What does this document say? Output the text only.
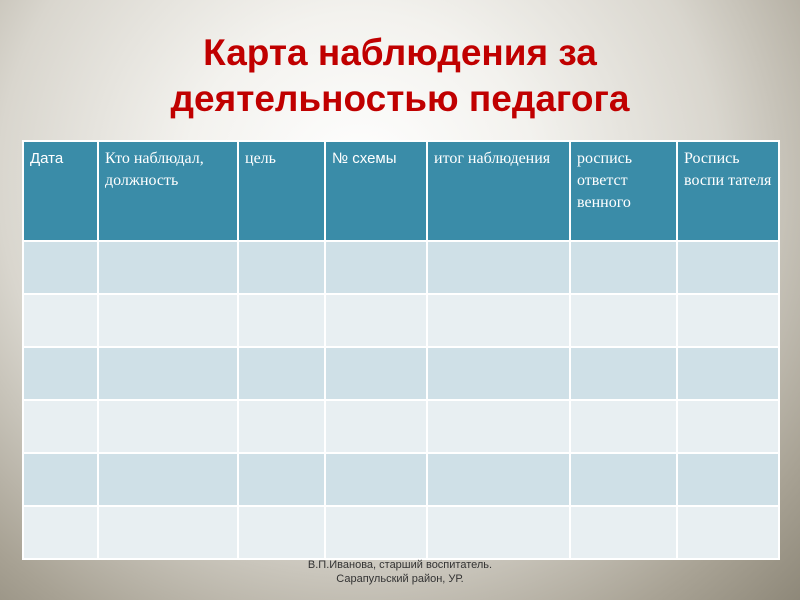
Карта наблюдения за
деятельностью педагога
Дата	Кто наблюдал, должность	цель	№ схемы	итог наблюдения	роспись ответст венного	Роспись воспи тателя

В.П.Иванова, старший воспитатель.
Сарапульский район, УР.
